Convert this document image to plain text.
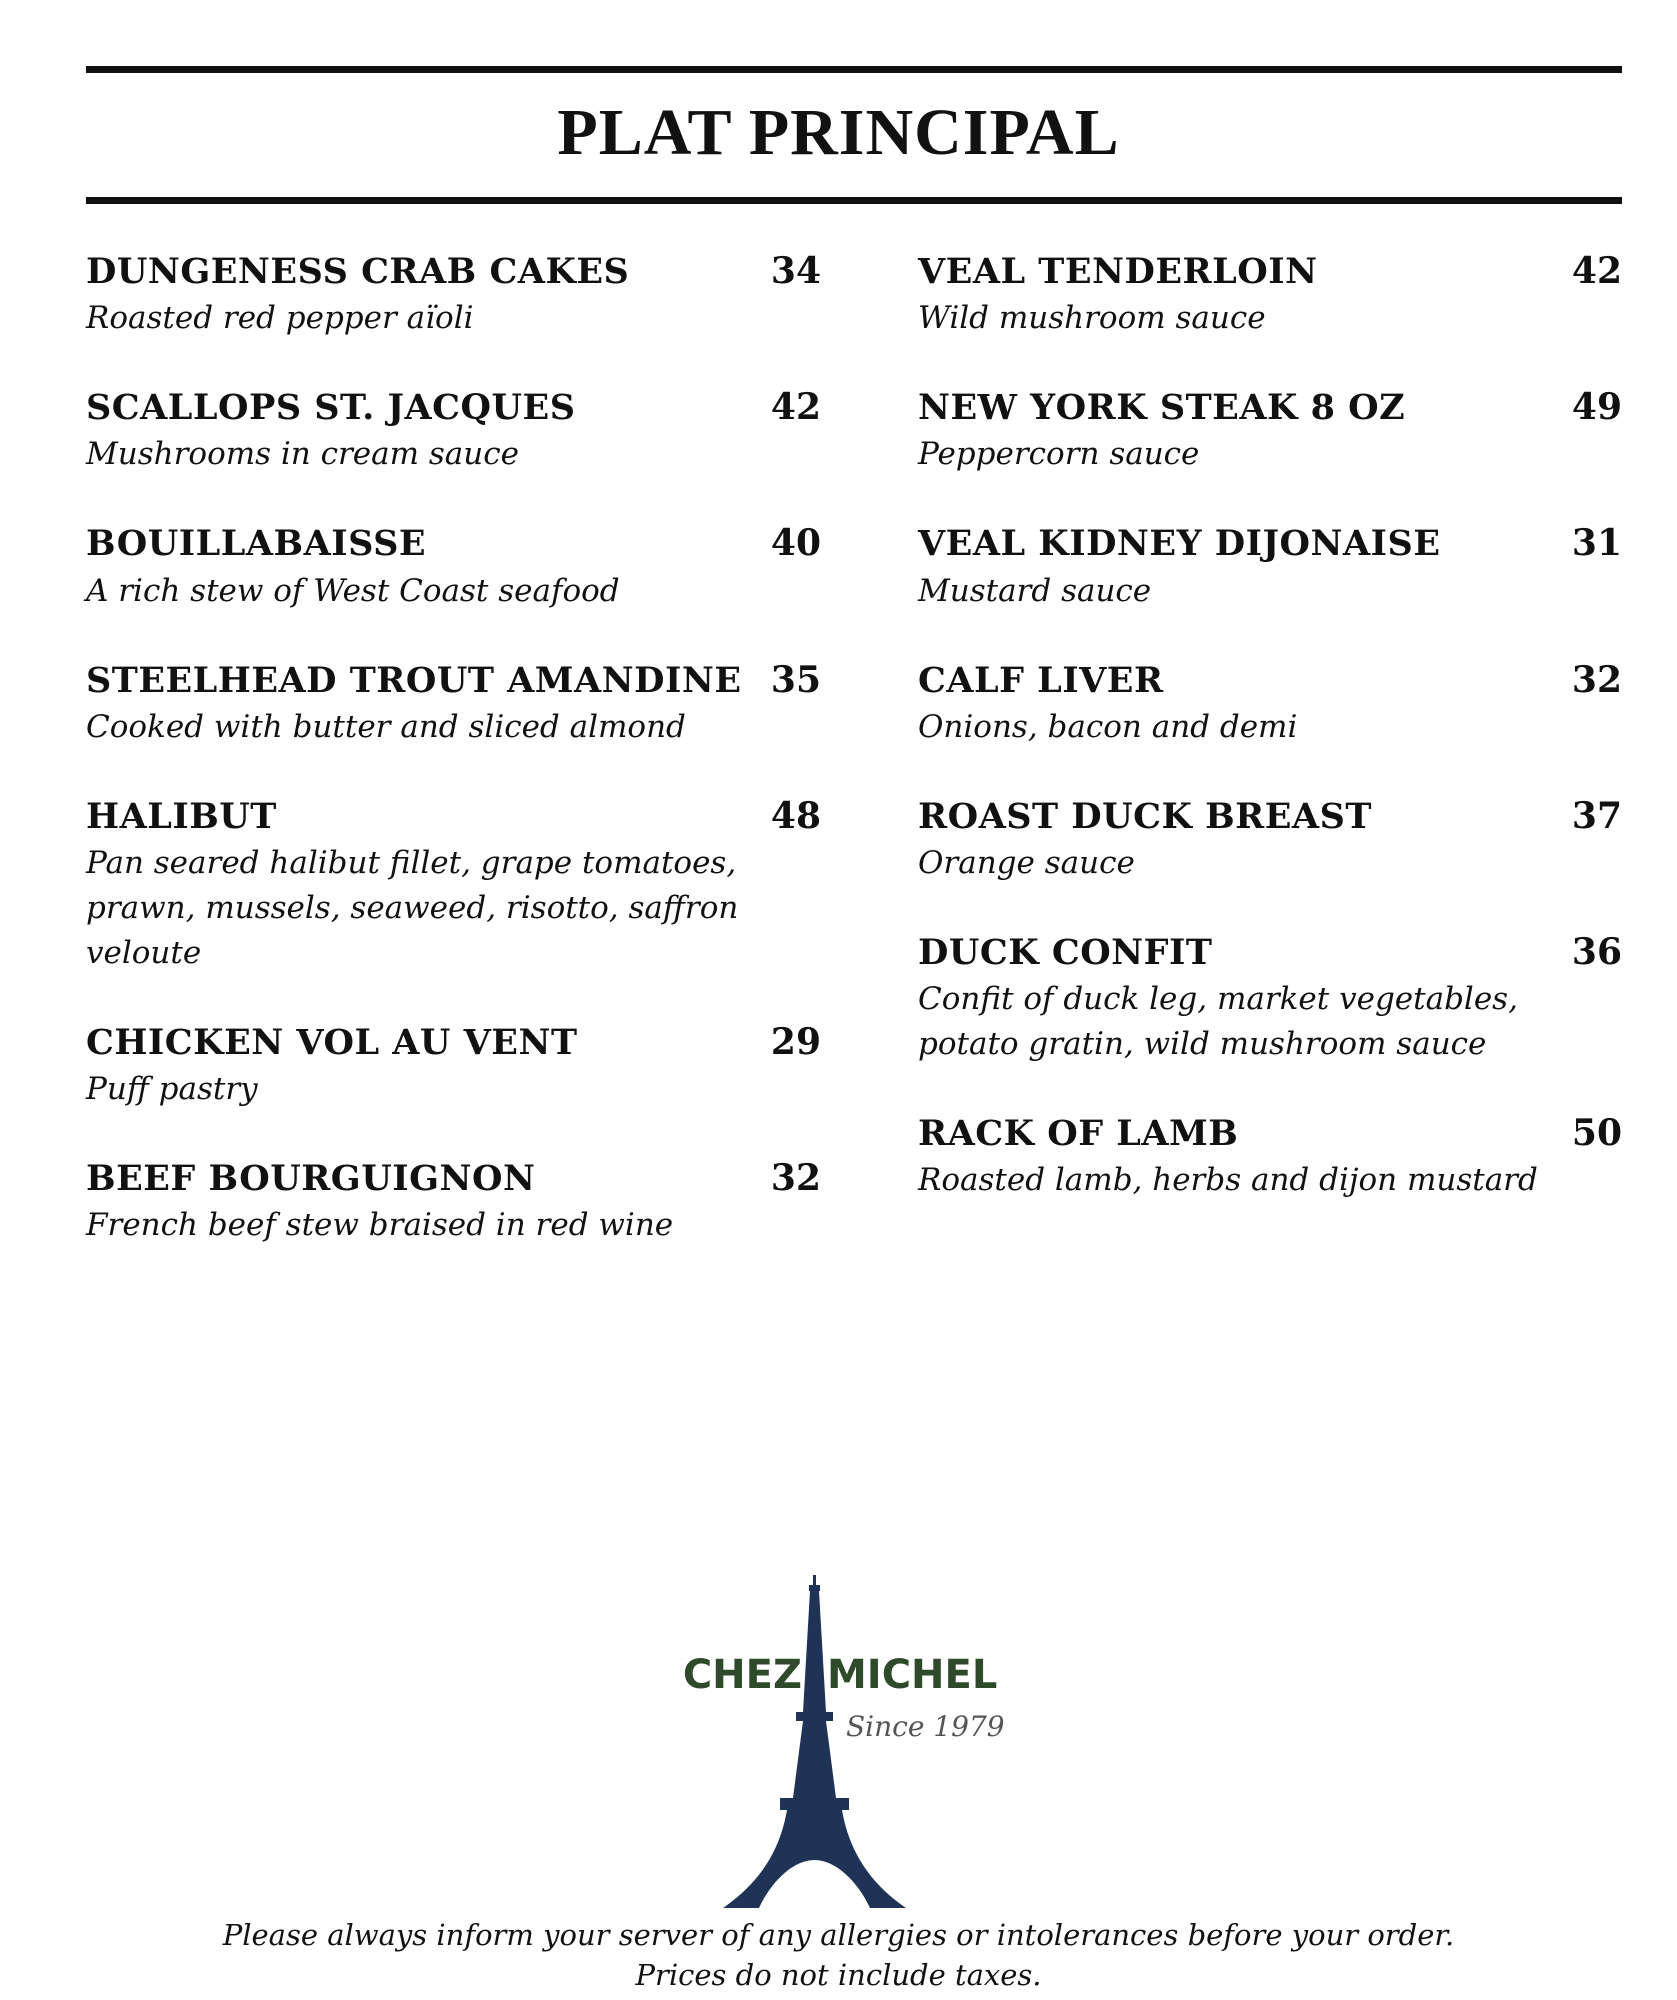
PLAT PRINCIPAL
DUNGENESS CRAB CAKES	34
Roasted red pepper aïoli
SCALLOPS ST. JACQUES	42
Mushrooms in cream sauce
BOUILLABAISSE	40
A rich stew of West Coast seafood
STEELHEAD TROUT AMANDINE 35
Cooked with butter and sliced almond
HALIBUT	48
Pan seared halibut fillet, grape tomatoes, prawn, mussels, seaweed, risotto, saffron veloute
CHICKEN VOL AU VENT	29
Puff pastry
BEEF BOURGUIGNON	32
French beef stew braised in red wine
VEAL TENDERLOIN	42
Wild mushroom sauce
NEW YORK STEAK 8 OZ	49
Peppercorn sauce
VEAL KIDNEY DIJONAISE	31
Mustard sauce
CALF LIVER	32
Onions, bacon and demi
ROAST DUCK BREAST	37
Orange sauce
DUCK CONFIT	36
Confit of duck leg, market vegetables, potato gratin, wild mushroom sauce
RACK OF LAMB	50
Roasted lamb, herbs and dijon mustard
CHEZ MICHEL
Since 1979
Please always inform your server of any allergies or intolerances before your order.
Prices do not include taxes.
